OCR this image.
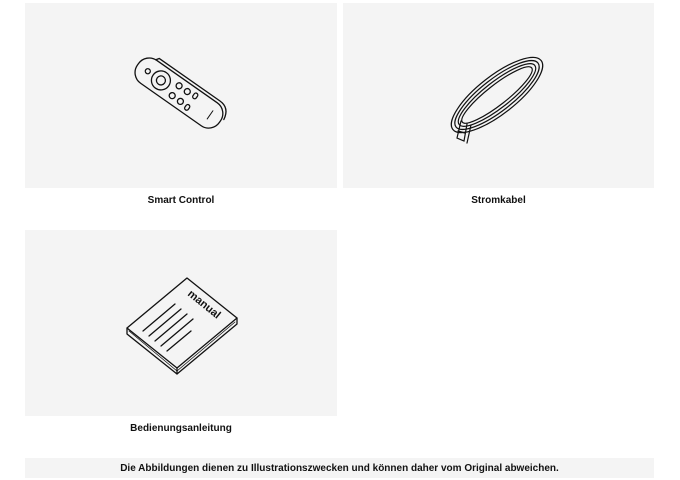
Smart Control	Stromkabel
manual
Bedienungsanleitung
Die Abbildungen dienen zu Illustrationszwecken und können daher vom Original abweichen.
